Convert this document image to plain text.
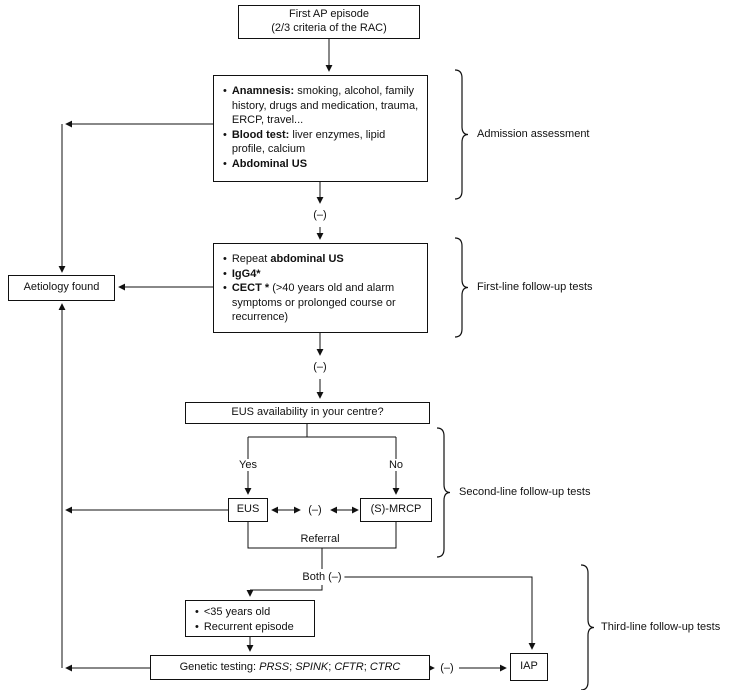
First AP episode
(2/3 criteria of the RAC)
• Anamnesis: smoking, alcohol, family history, drugs and medication, trauma, ERCP, travel...
• Blood test: liver enzymes, lipid profile, calcium
• Abdominal US
• Repeat abdominal US
• IgG4*
• CECT * (>40 years old and alarm symptoms or prolonged course or recurrence)
Aetiology found
EUS availability in your centre?
EUS	(S)-MRCP
• <35 years old
• Recurrent episode
Genetic testing: PRSS; SPINK; CFTR; CTRC	IAP
(–)
(–)
Yes	No
(–)
Referral
Both (–)
(–)
Admission assessment
First-line follow-up tests
Second-line follow-up tests
Third-line follow-up tests
